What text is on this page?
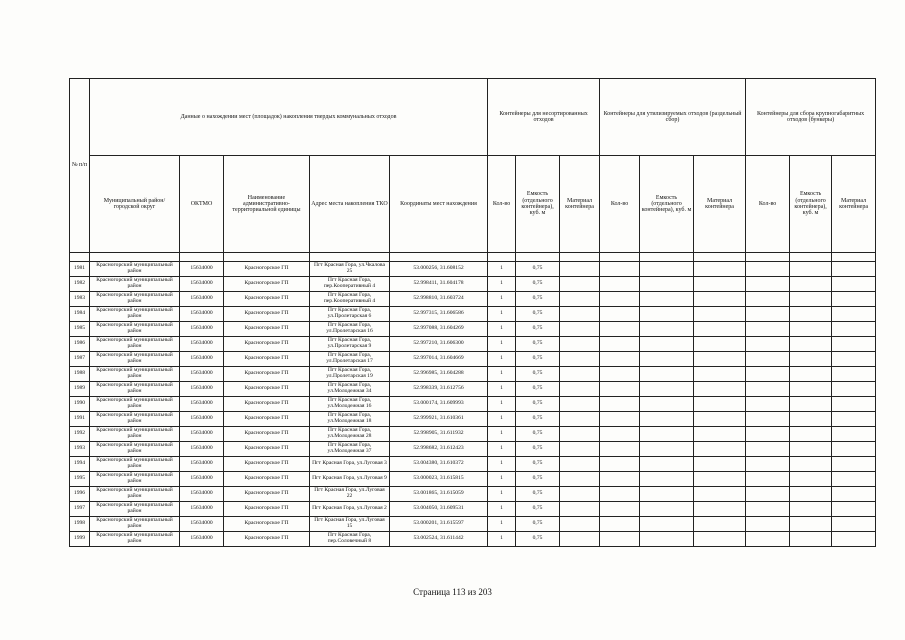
№ п/п	Данные о нахождении мест (площадок) накопления твердых коммунальных отходов					Контейнеры для несортированных отходов			Контейнеры для утилизируемых отходов (раздельный сбор)			Контейнеры для сбора крупногабаритных отходов (бункеры)		
	Муниципальный район/городской округ	ОКТМО	Наименование административно-территориальной единицы	Адрес места накопления ТКО	Координаты мест нахождения	Кол-во	Емкость (отдельного контейнера), куб. м	Материал контейнера	Кол-во	Емкость (отдельного контейнера), куб. м	Материал контейнера	Кол-во	Емкость (отдельного контейнера), куб. м	Материал контейнера

1981	Красногорский муниципальный район	15634000	Красногорское ГП	Пгт Красная Гора, ул.Чкалова 25	53.000256, 31.608152	1	0,75							
1982	Красногорский муниципальный район	15634000	Красногорское ГП	Пгт Красная Гора, пер.Кооперативный 4	52.998411, 31.604178	1	0,75							
1983	Красногорский муниципальный район	15634000	Красногорское ГП	Пгт Красная Гора, пер.Кооперативный 4	52.998810, 31.603724	1	0,75							
1984	Красногорский муниципальный район	15634000	Красногорское ГП	Пгт Красная Гора, ул.Пролетарская 6	52.997315, 31.606586	1	0,75							
1985	Красногорский муниципальный район	15634000	Красногорское ГП	Пгт Красная Гора, ул.Пролетарская 16	52.997088, 31.604269	1	0,75							
1986	Красногорский муниципальный район	15634000	Красногорское ГП	Пгт Красная Гора, ул.Пролетарская 9	52.997210, 31.606300	1	0,75							
1987	Красногорский муниципальный район	15634000	Красногорское ГП	Пгт Красная Гора, ул.Пролетарская 17	52.997014, 31.604669	1	0,75							
1988	Красногорский муниципальный район	15634000	Красногорское ГП	Пгт Красная Гора, ул.Пролетарская 19	52.996985, 31.604288	1	0,75							
1989	Красногорский муниципальный район	15634000	Красногорское ГП	Пгт Красная Гора, ул.Молодежная 34	52.998339, 31.612756	1	0,75							
1990	Красногорский муниципальный район	15634000	Красногорское ГП	Пгт Красная Гора, ул.Молодежная 16	53.000174, 31.609993	1	0,75							
1991	Красногорский муниципальный район	15634000	Красногорское ГП	Пгт Красная Гора, ул.Молодежная 18	52.999921, 31.610361	1	0,75							
1992	Красногорский муниципальный район	15634000	Красногорское ГП	Пгт Красная Гора, ул.Молодежная 28	52.998905, 31.611932	1	0,75							
1993	Красногорский муниципальный район	15634000	Красногорское ГП	Пгт Красная Гора, ул.Молодежная 37	52.998682, 31.612423	1	0,75							
1994	Красногорский муниципальный район	15634000	Красногорское ГП	Пгт Красная Гора, ул.Луговая 3	53.004380, 31.610372	1	0,75							
1995	Красногорский муниципальный район	15634000	Красногорское ГП	Пгт Красная Гора, ул.Луговая 9	53.000023, 31.615815	1	0,75							
1996	Красногорский муниципальный район	15634000	Красногорское ГП	Пгт Красная Гора, ул.Луговая 22	53.001865, 31.615059	1	0,75							
1997	Красногорский муниципальный район	15634000	Красногорское ГП	Пгт Красная Гора, ул.Луговая 2	53.004050, 31.609531	1	0,75							
1998	Красногорский муниципальный район	15634000	Красногорское ГП	Пгт Красная Гора, ул.Луговая 15	53.000201, 31.615597	1	0,75							
1999	Красногорский муниципальный район	15634000	Красногорское ГП	Пгт Красная Гора, пер.Соловечный 8	53.002524, 31.611442	1	0,75							
Страница 113 из 203
